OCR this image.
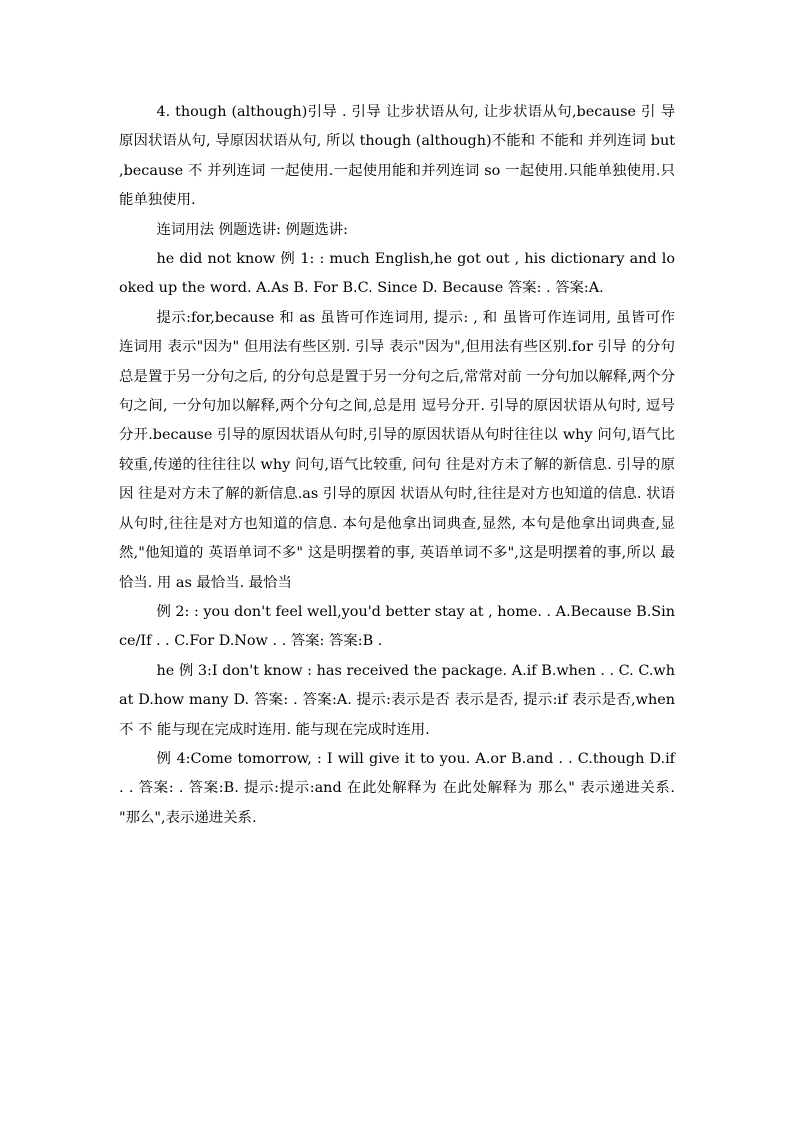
4. though (although)引导 . 引导 让步状语从句, 让步状语从句,because 引 导原因状语从句, 导原因状语从句, 所以 though (although)不能和 不能和 并列连词 but ,because 不 并列连词 一起使用.一起使用能和并列连词 so 一起使用.只能单独使用.只能单独使用.

连词用法 例题选讲: 例题选讲:

he did not know 例 1: : much English,he got out , his dictionary and looked up the word. A.As B. For B.C. Since D. Because 答案: . 答案:A.

提示:for,because 和 as 虽皆可作连词用, 提示: , 和 虽皆可作连词用, 虽皆可作连词用 表示"因为" 但用法有些区别. 引导 表示"因为",但用法有些区别.for 引导 的分句总是置于另一分句之后, 的分句总是置于另一分句之后,常常对前 一分句加以解释,两个分句之间, 一分句加以解释,两个分句之间,总是用 逗号分开. 引导的原因状语从句时, 逗号分开.because 引导的原因状语从句时,引导的原因状语从句时往往以 why 问句,语气比较重,传递的往往往以 why 问句,语气比较重, 问句 往是对方未了解的新信息. 引导的原因 往是对方未了解的新信息.as 引导的原因 状语从句时,往往是对方也知道的信息. 状语从句时,往往是对方也知道的信息. 本句是他拿出词典查,显然, 本句是他拿出词典查,显然,"他知道的 英语单词不多" 这是明摆着的事, 英语单词不多",这是明摆着的事,所以 最恰当. 用 as 最恰当. 最恰当

例 2: : you don't feel well,you'd better stay at , home. . A.Because B.Since/If . . C.For D.Now . . 答案: 答案:B .

he 例 3:I don't know : has received the package. A.if B.when . . C. C.what D.how many D. 答案: . 答案:A. 提示:表示是否 表示是否, 提示:if 表示是否,when 不 不 能与现在完成时连用. 能与现在完成时连用.

例 4:Come tomorrow, : I will give it to you. A.or B.and . . C.though D.if . . 答案: . 答案:B. 提示:提示:and 在此处解释为 在此处解释为 那么" 表示递进关系. "那么",表示递进关系.
